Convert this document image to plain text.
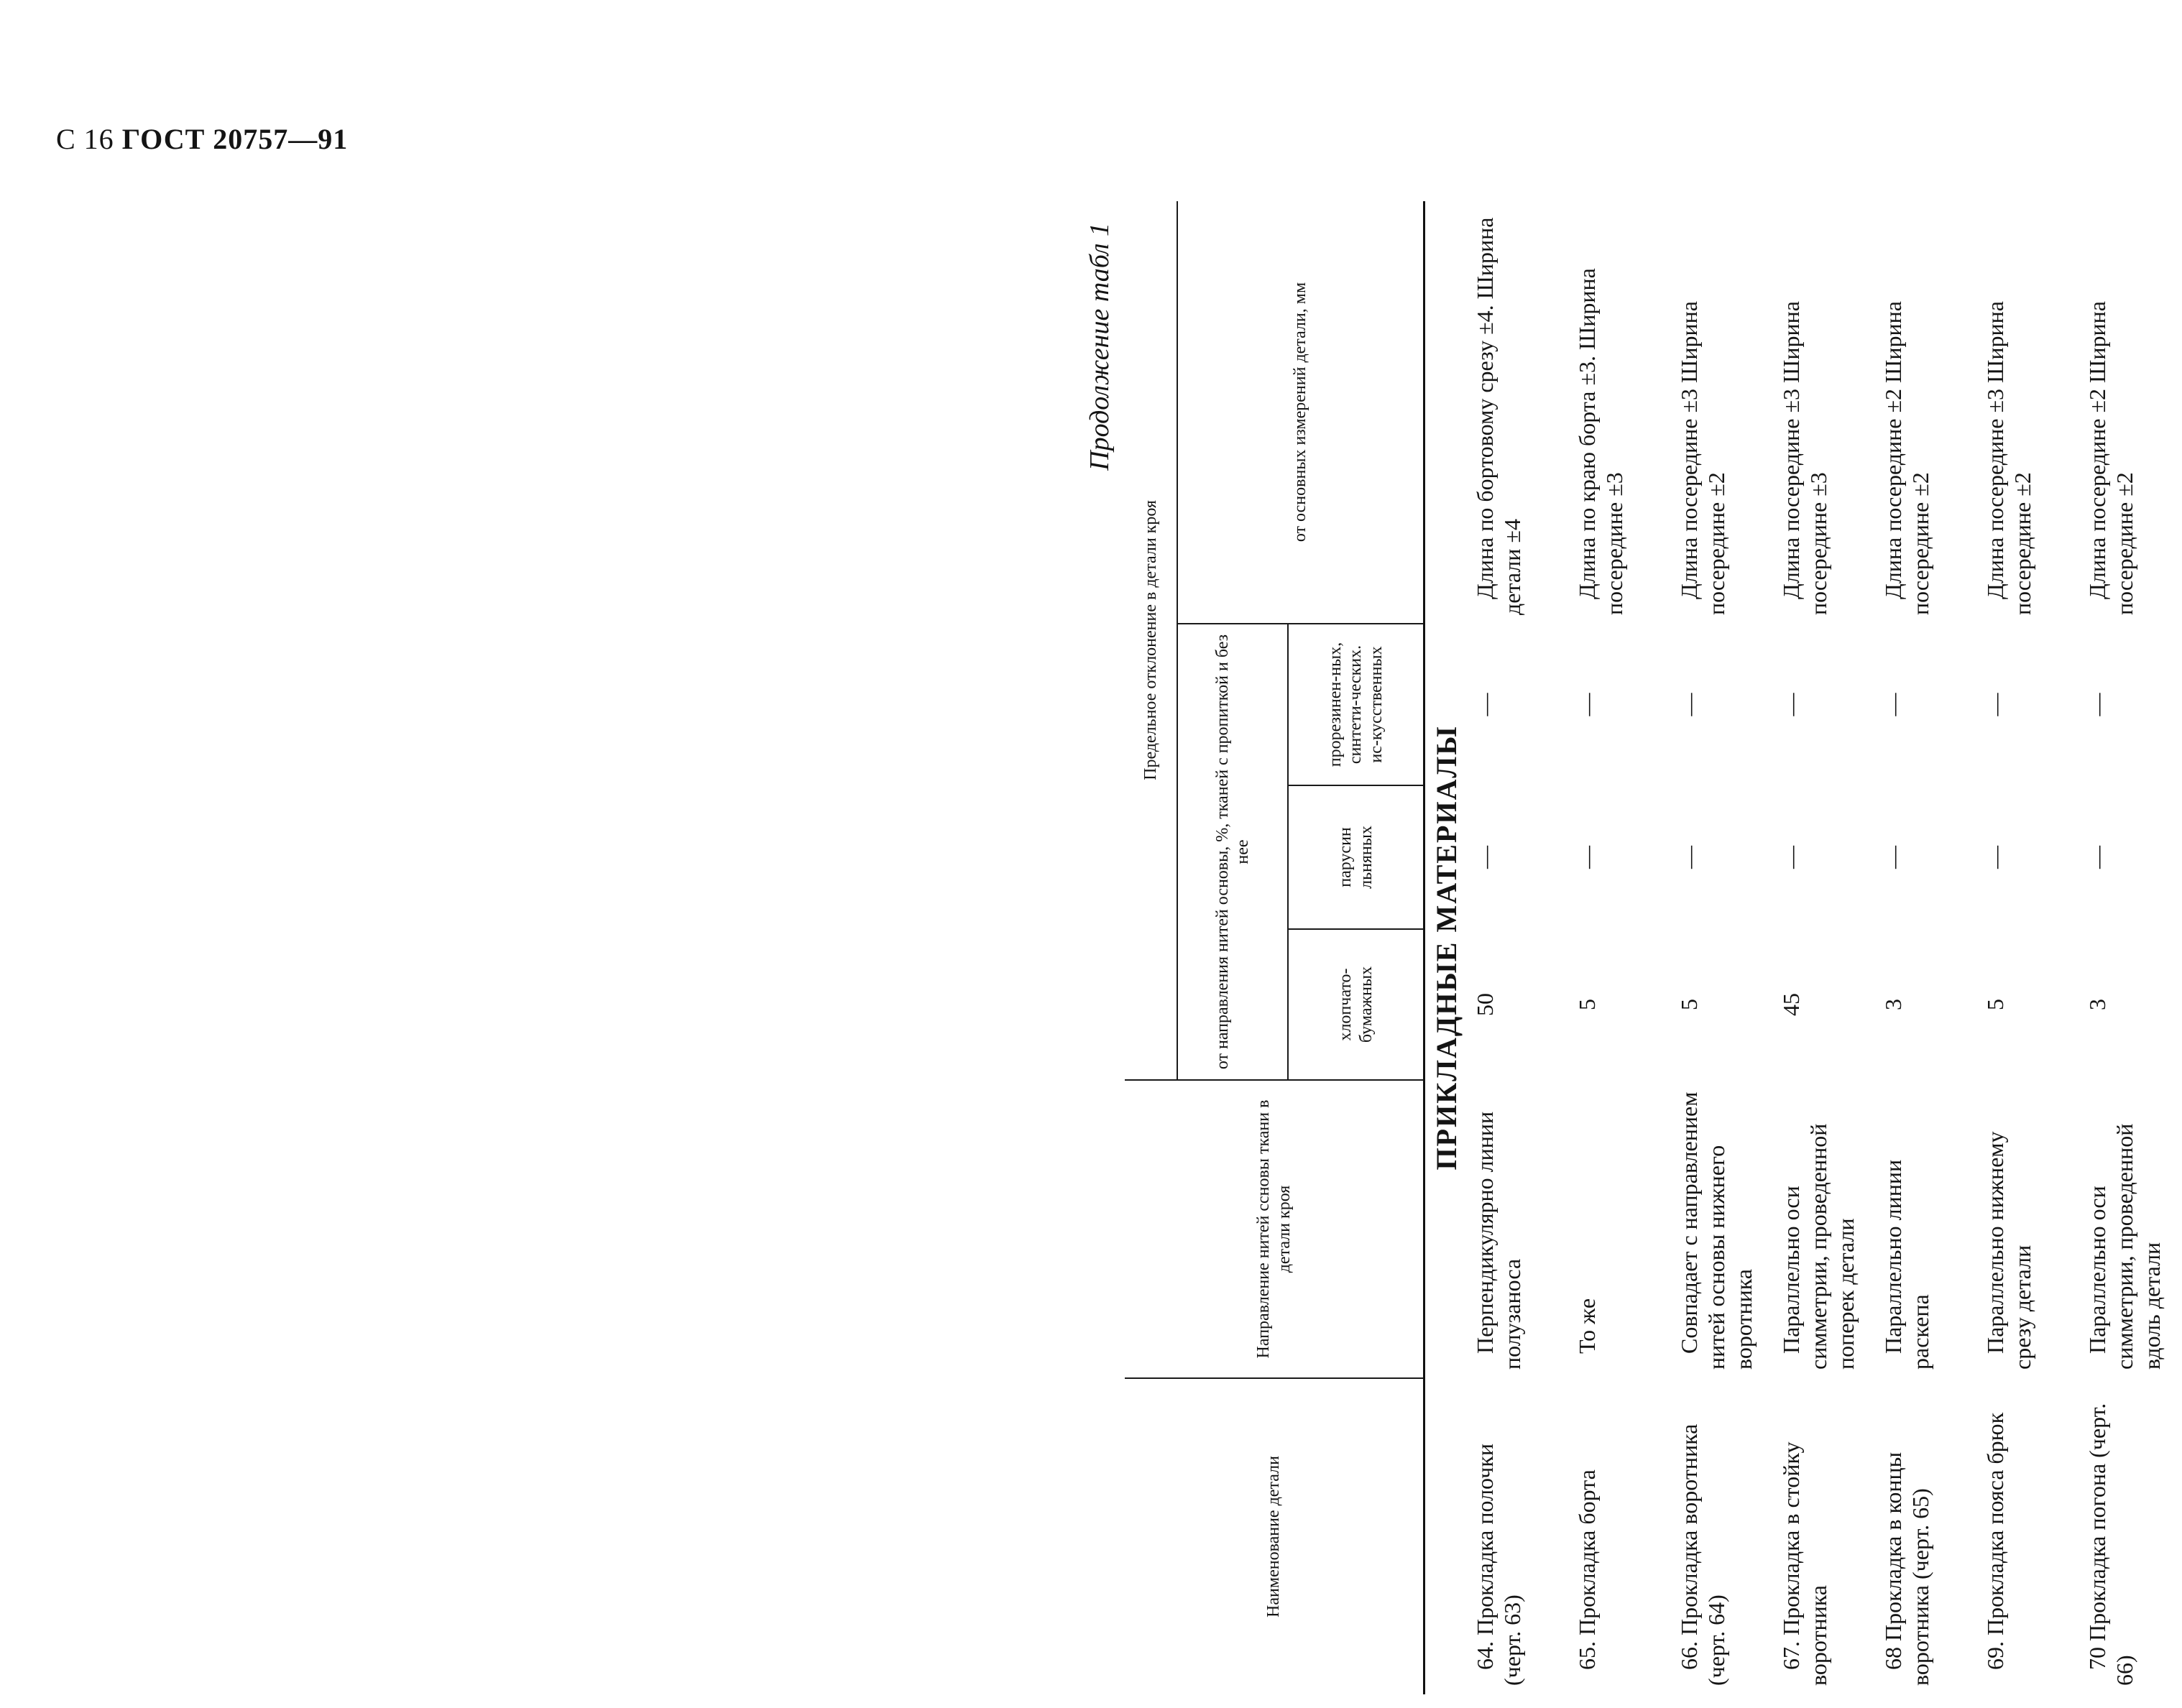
С 16 ГОСТ 20757—91
Продолжение табл 1
Наименование детали	Направление нитей сcновы ткани в детали кроя	Предельное отклонение в детали кроя			
		от направления нитей основы, %, тканей с пропиткой и без нее			от основных измерений детали, мм
		хлопчато-бумажных	парусин льняных	прорезинен-ных, синтети-ческих. ис-кусственных	
ПРИКЛАДНЫЕ МАТЕРИАЛЫ					
64. Прокладка полочки (черт. 63)	Перпендикулярно линии полузаноса	50	—	—	Длина по бортовому срезу ±4. Ширина детали ±4
65. Прокладка борта	То же	5	—	—	Длина по краю борта ±3. Ширина посередине ±3
66. Прокладка воротника (черт. 64)	Совпадает с направлением нитей основы нижнего воротника	5	—	—	Длина посередине ±3 Ширина посередине ±2
67. Прокладка в стойку воротника	Параллельно оси симметрии, проведенной поперек детали	45	—	—	Длина посередине ±3 Ширина посередине ±3
68 Прокладка в концы воротника (черт. 65)	Параллельно линии раскепа	3	—	—	Длина посередине ±2 Ширина посередине ±2
69. Прокладка пояса брюк	Параллельно нижнему срезу детали	5	—	—	Длина посередине ±3 Ширина посередине ±2
70 Прокладка погона (черт. 66)	Параллельно оси симметрии, проведенной вдоль детали	3	—	—	Длина посередине ±2 Ширина посередине ±2
